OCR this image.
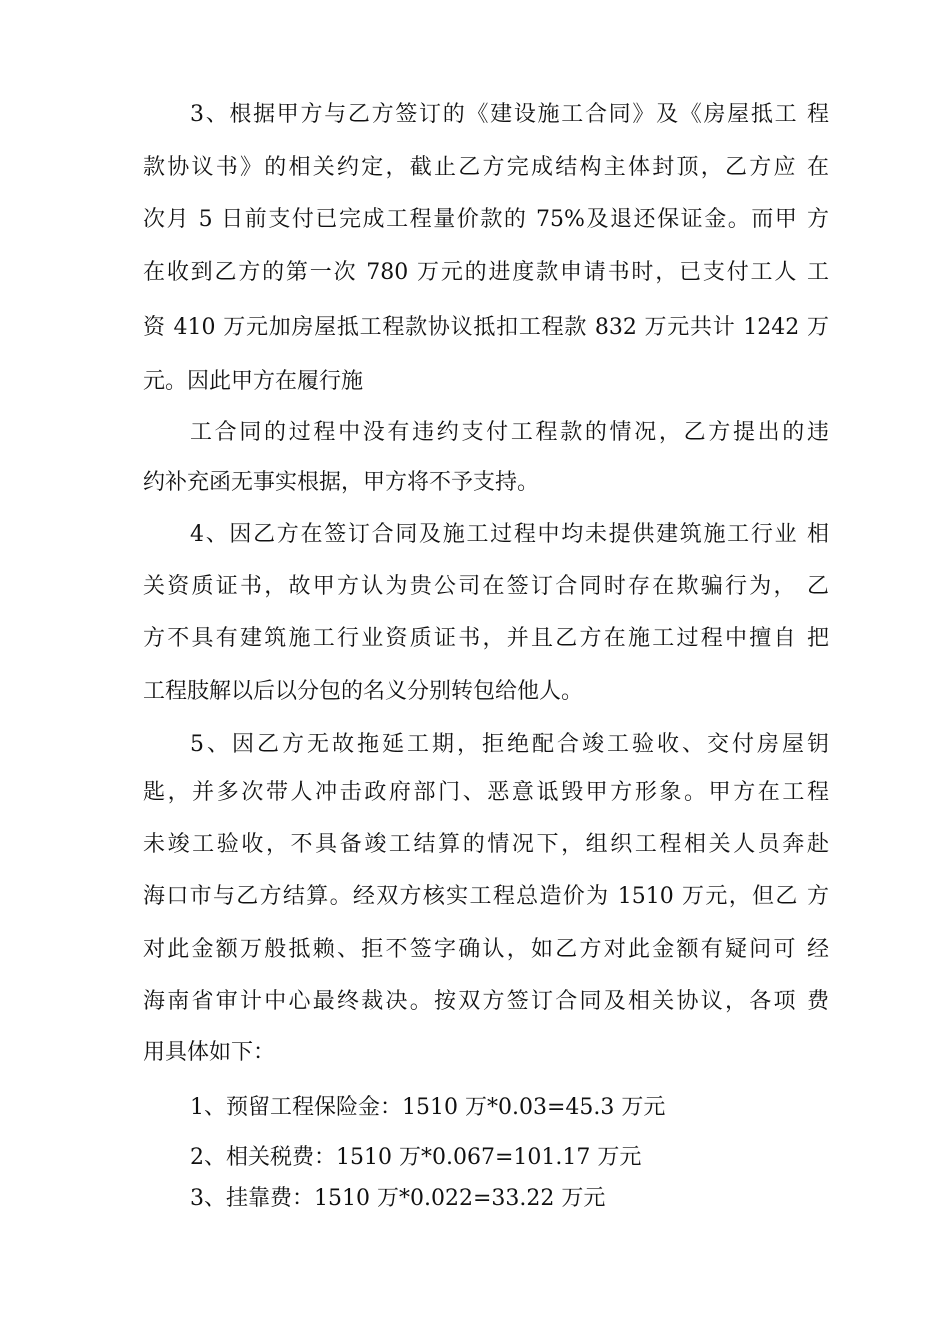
3、根据甲方与乙方签订的《建设施工合同》及《房屋抵工 程
款协议书》的相关约定，截止乙方完成结构主体封顶，乙方应 在
次月 5 日前支付已完成工程量价款的 75%及退还保证金。而甲 方
在收到乙方的第一次 780 万元的进度款申请书时，已支付工人 工
资 410 万元加房屋抵工程款协议抵扣工程款 832 万元共计 1242 万
元。因此甲方在履行施
工合同的过程中没有违约支付工程款的情况，乙方提出的违
约补充函无事实根据，甲方将不予支持。
4、因乙方在签订合同及施工过程中均未提供建筑施工行业 相
关资质证书，故甲方认为贵公司在签订合同时存在欺骗行为， 乙
方不具有建筑施工行业资质证书，并且乙方在施工过程中擅自 把
工程肢解以后以分包的名义分别转包给他人。
5、因乙方无故拖延工期，拒绝配合竣工验收、交付房屋钥
匙，并多次带人冲击政府部门、恶意诋毁甲方形象。甲方在工程
未竣工验收，不具备竣工结算的情况下，组织工程相关人员奔赴
海口市与乙方结算。经双方核实工程总造价为 1510 万元，但乙 方
对此金额万般抵赖、拒不签字确认，如乙方对此金额有疑问可 经
海南省审计中心最终裁决。按双方签订合同及相关协议，各项 费
用具体如下：
1、预留工程保险金：1510 万*0.03=45.3 万元
2、相关税费：1510 万*0.067=101.17 万元
3、挂靠费：1510 万*0.022=33.22 万元
